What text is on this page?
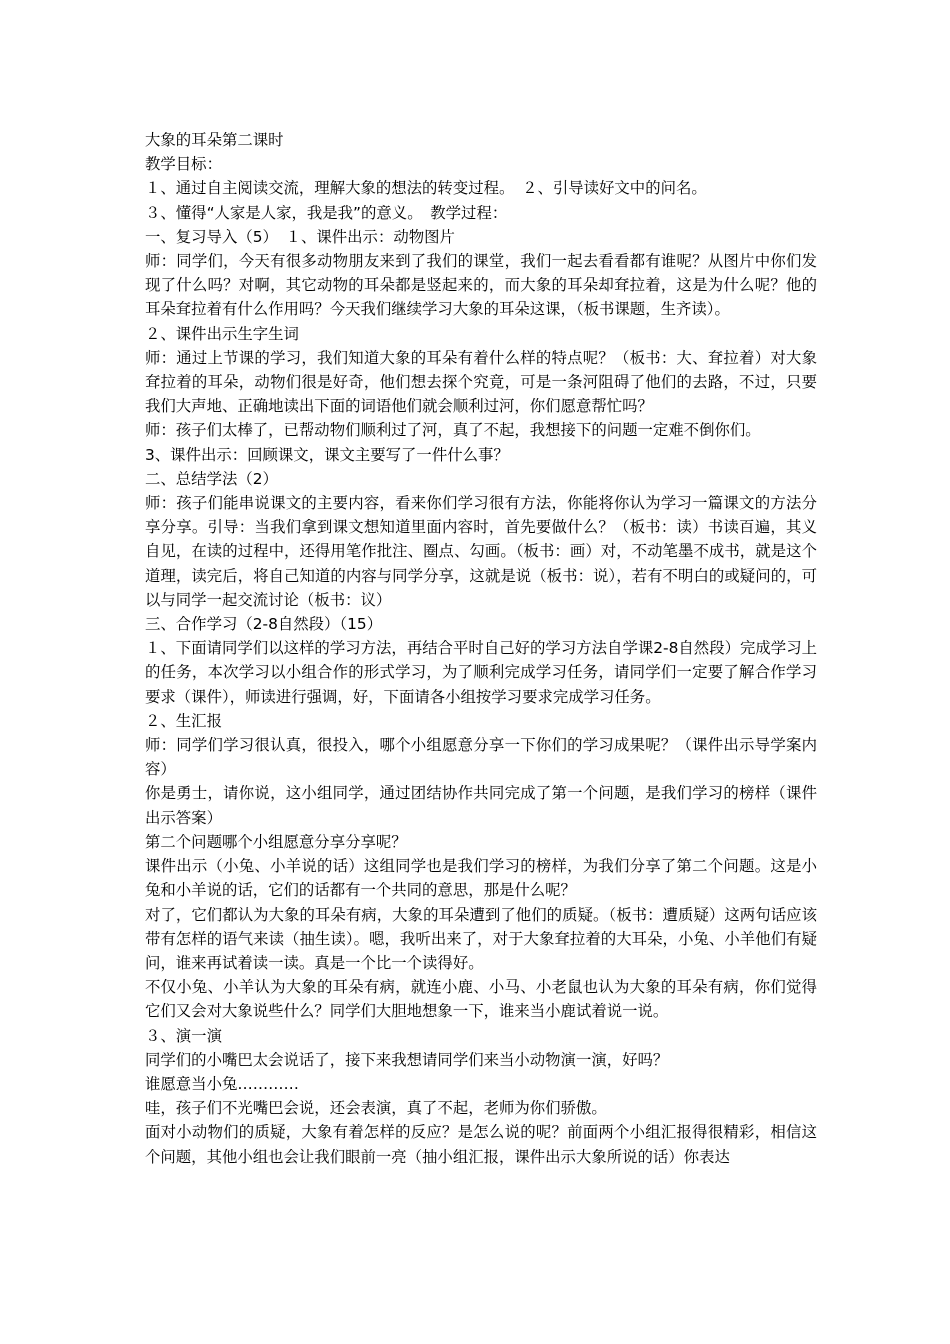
大象的耳朵第二课时
教学目标：
１、通过自主阅读交流，理解大象的想法的转变过程。　２、引导读好文中的问名。
３、懂得“人家是人家，我是我”的意义。　教学过程：
一、复习导入（5）　１、课件出示：动物图片
师：同学们，今天有很多动物朋友来到了我们的课堂，我们一起去看看都有谁呢？从图片中你们发现了什么吗？对啊，其它动物的耳朵都是竖起来的，而大象的耳朵却耷拉着，这是为什么呢？他的耳朵耷拉着有什么作用吗？今天我们继续学习大象的耳朵这课，（板书课题，生齐读）。
２、课件出示生字生词
师：通过上节课的学习，我们知道大象的耳朵有着什么样的特点呢？（板书：大、耷拉着）对大象耷拉着的耳朵，动物们很是好奇，他们想去探个究竟，可是一条河阻碍了他们的去路，不过，只要我们大声地、正确地读出下面的词语他们就会顺利过河，你们愿意帮忙吗？
师：孩子们太棒了，已帮动物们顺利过了河，真了不起，我想接下的问题一定难不倒你们。
3、课件出示：回顾课文，课文主要写了一件什么事？
二、总结学法（2）
师：孩子们能串说课文的主要内容，看来你们学习很有方法，你能将你认为学习一篇课文的方法分享分享。引导：当我们拿到课文想知道里面内容时，首先要做什么？（板书：读）书读百遍，其义自见，在读的过程中，还得用笔作批注、圈点、勾画。（板书：画）对，不动笔墨不成书，就是这个道理，读完后，将自己知道的内容与同学分享，这就是说（板书：说），若有不明白的或疑问的，可以与同学一起交流讨论（板书：议）
三、合作学习（2-8自然段）（15）
１、下面请同学们以这样的学习方法，再结合平时自己好的学习方法自学课2-8自然段）完成学习上的任务，本次学习以小组合作的形式学习，为了顺利完成学习任务，请同学们一定要了解合作学习要求（课件），师读进行强调，好，下面请各小组按学习要求完成学习任务。
２、生汇报
师：同学们学习很认真，很投入，哪个小组愿意分享一下你们的学习成果呢？（课件出示导学案内容）
你是勇士，请你说，这小组同学，通过团结协作共同完成了第一个问题，是我们学习的榜样（课件出示答案）
第二个问题哪个小组愿意分享分享呢？
课件出示（小兔、小羊说的话）这组同学也是我们学习的榜样，为我们分享了第二个问题。这是小兔和小羊说的话，它们的话都有一个共同的意思，那是什么呢？
对了，它们都认为大象的耳朵有病，大象的耳朵遭到了他们的质疑。（板书：遭质疑）这两句话应该带有怎样的语气来读（抽生读）。嗯，我听出来了，对于大象耷拉着的大耳朵，小兔、小羊他们有疑问，谁来再试着读一读。真是一个比一个读得好。
不仅小兔、小羊认为大象的耳朵有病，就连小鹿、小马、小老鼠也认为大象的耳朵有病，你们觉得它们又会对大象说些什么？同学们大胆地想象一下，谁来当小鹿试着说一说。
３、演一演
同学们的小嘴巴太会说话了，接下来我想请同学们来当小动物演一演，好吗？
谁愿意当小兔…………
哇，孩子们不光嘴巴会说，还会表演，真了不起，老师为你们骄傲。
面对小动物们的质疑，大象有着怎样的反应？是怎么说的呢？前面两个小组汇报得很精彩，相信这个问题，其他小组也会让我们眼前一亮（抽小组汇报，课件出示大象所说的话）你表达
